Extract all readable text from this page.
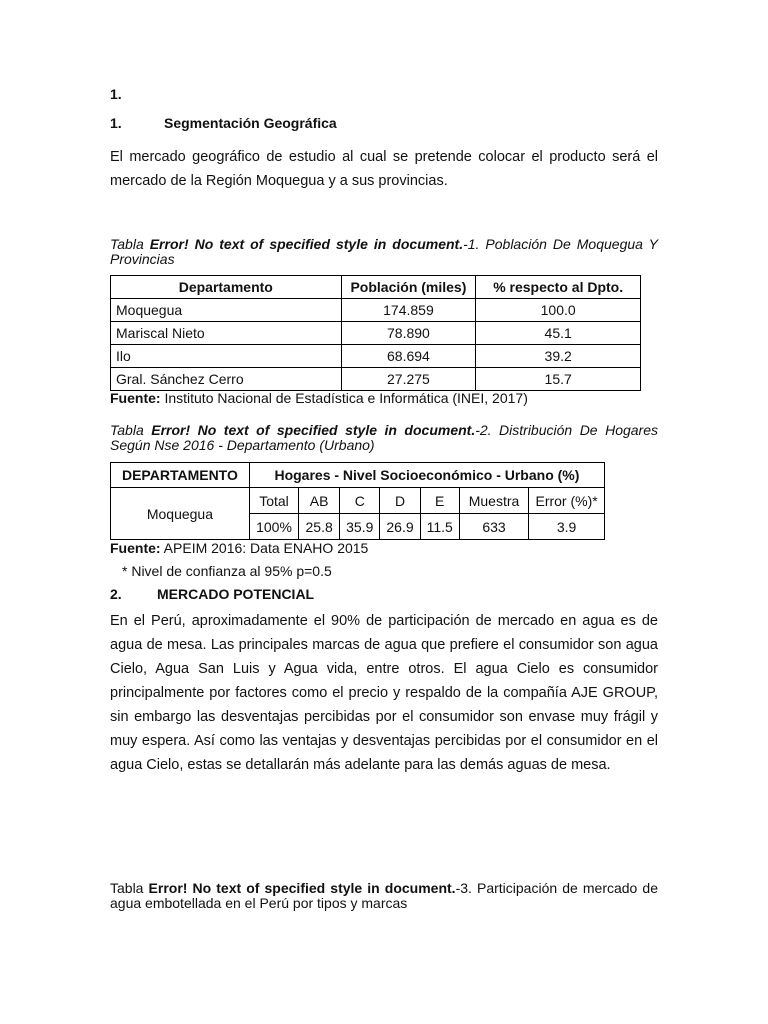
1.
1.	Segmentación Geográfica
El mercado geográfico de estudio al cual se pretende colocar el producto será el mercado de la Región Moquegua y a sus provincias.
Tabla Error! No text of specified style in document.-1. Población De Moquegua Y Provincias
Departamento	Población (miles)	% respecto al Dpto.
Moquegua	174.859	100.0
Mariscal Nieto	78.890	45.1
Ilo	68.694	39.2
Gral. Sánchez Cerro	27.275	15.7
Fuente: Instituto Nacional de Estadística e Informática (INEI, 2017)
Tabla Error! No text of specified style in document.-2. Distribución De Hogares Según Nse 2016 - Departamento (Urbano)
DEPARTAMENTO	Hogares - Nivel Socioeconómico - Urbano (%)						
Moquegua	Total	AB	C	D	E	Muestra	Error (%)*
	100%	25.8	35.9	26.9	11.5	633	3.9
Fuente: APEIM 2016: Data ENAHO 2015
* Nivel de confianza al 95% p=0.5
2.	MERCADO POTENCIAL
En el Perú, aproximadamente el 90% de participación de mercado en agua es de agua de mesa. Las principales marcas de agua que prefiere el consumidor son agua Cielo, Agua San Luis y Agua vida, entre otros. El agua Cielo es consumidor principalmente por factores como el precio y respaldo de la compañía AJE GROUP, sin embargo las desventajas percibidas por el consumidor son envase muy frágil y muy espera. Así como las ventajas y desventajas percibidas por el consumidor en el agua Cielo, estas se detallarán más adelante para las demás aguas de mesa.
Tabla Error! No text of specified style in document.-3. Participación de mercado de agua embotellada en el Perú por tipos y marcas
